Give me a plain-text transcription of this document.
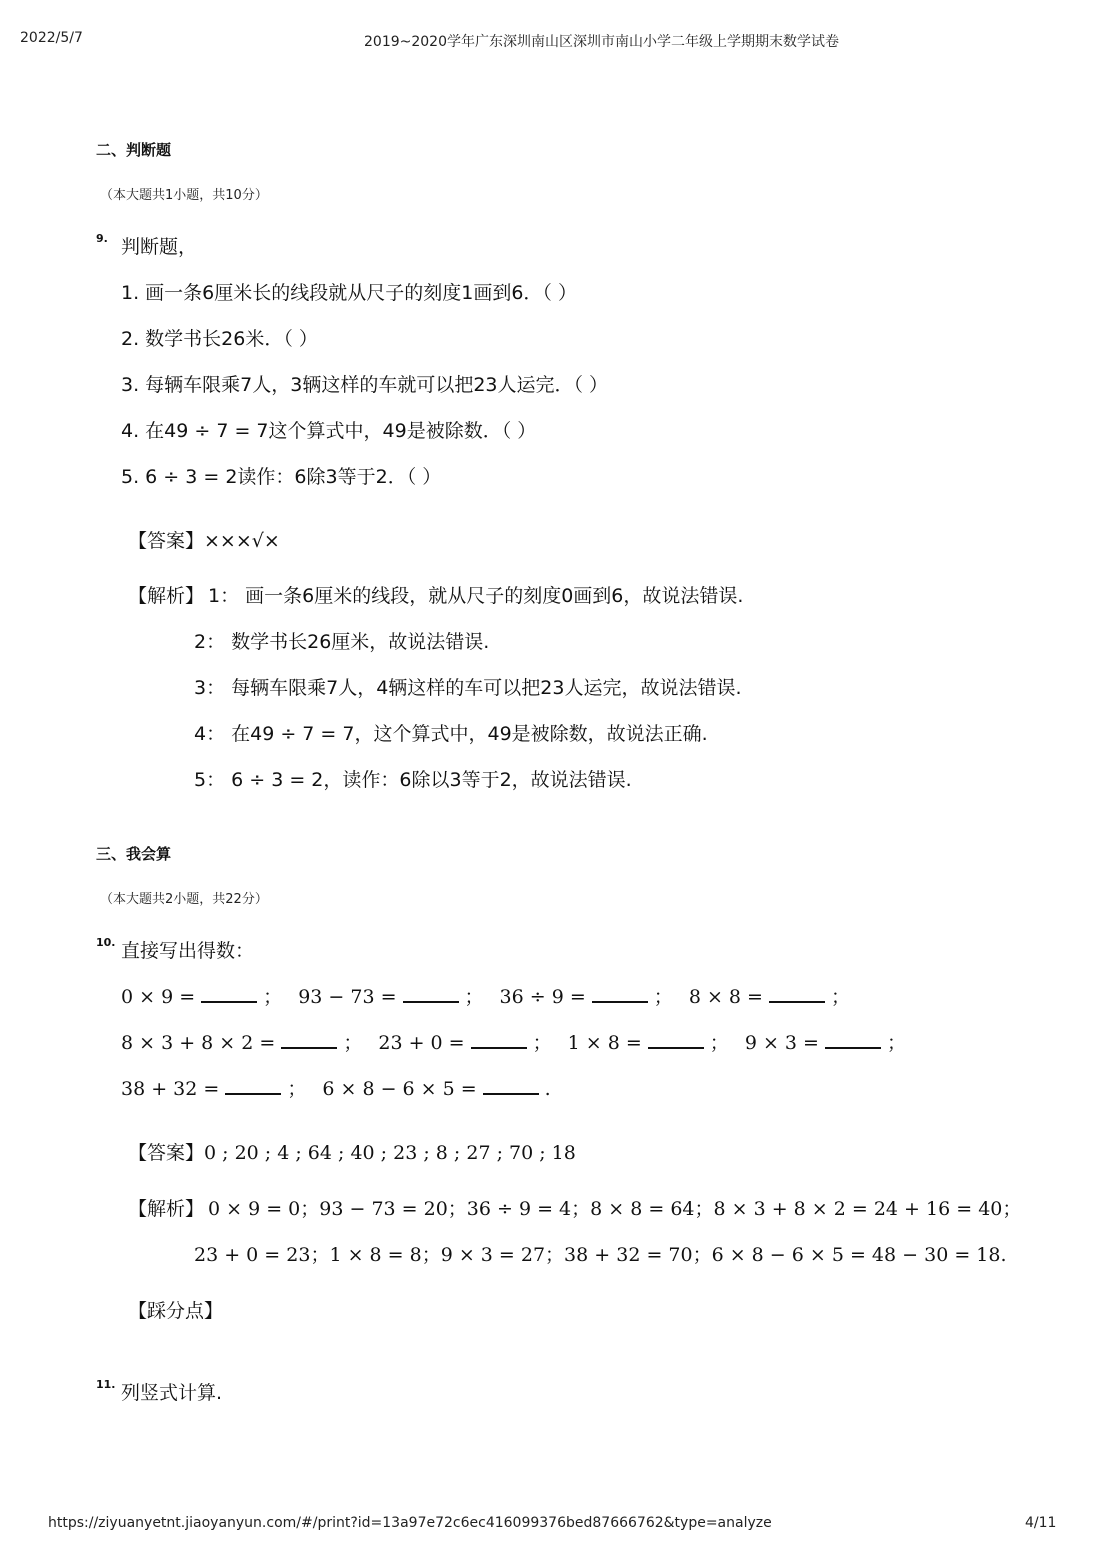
2022/5/7	2019~2020学年广东深圳南山区深圳市南山小学二年级上学期期末数学试卷
二、判断题
（本大题共1小题，共10分）
9. 判断题，
1. 画一条6厘米长的线段就从尺子的刻度1画到6．（ ）
2. 数学书长26米．（ ）
3. 每辆车限乘7人，3辆这样的车就可以把23人运完．（ ）
4. 在49 ÷ 7 = 7这个算式中，49是被除数．（ ）
5. 6 ÷ 3 = 2读作：6除3等于2．（ ）
【答案】×××√×
【解析】 1： 画一条6厘米的线段，就从尺子的刻度0画到6，故说法错误.
2： 数学书长26厘米，故说法错误.
3： 每辆车限乘7人，4辆这样的车可以把23人运完，故说法错误.
4： 在49 ÷ 7 = 7，这个算式中，49是被除数，故说法正确.
5： 6 ÷ 3 = 2，读作：6除以3等于2，故说法错误.
三、我会算
（本大题共2小题，共22分）
10. 直接写出得数：
0 × 9 =	； 93 − 73 =	； 36 ÷ 9 =	； 8 × 8 =	；
8 × 3 + 8 × 2 =	； 23 + 0 =	； 1 × 8 =	； 9 × 3 =	；
38 + 32 =	； 6 × 8 − 6 × 5 =	.
【答案】0 ; 20 ; 4 ; 64 ; 40 ; 23 ; 8 ; 27 ; 70 ; 18
【解析】 0 × 9 = 0；93 − 73 = 20；36 ÷ 9 = 4；8 × 8 = 64；8 × 3 + 8 × 2 = 24 + 16 = 40；
23 + 0 = 23；1 × 8 = 8；9 × 3 = 27；38 + 32 = 70；6 × 8 − 6 × 5 = 48 − 30 = 18.
【踩分点】
11. 列竖式计算.
https://ziyuanyetnt.jiaoyanyun.com/#/print?id=13a97e72c6ec416099376bed87666762&type=analyze	4/11
